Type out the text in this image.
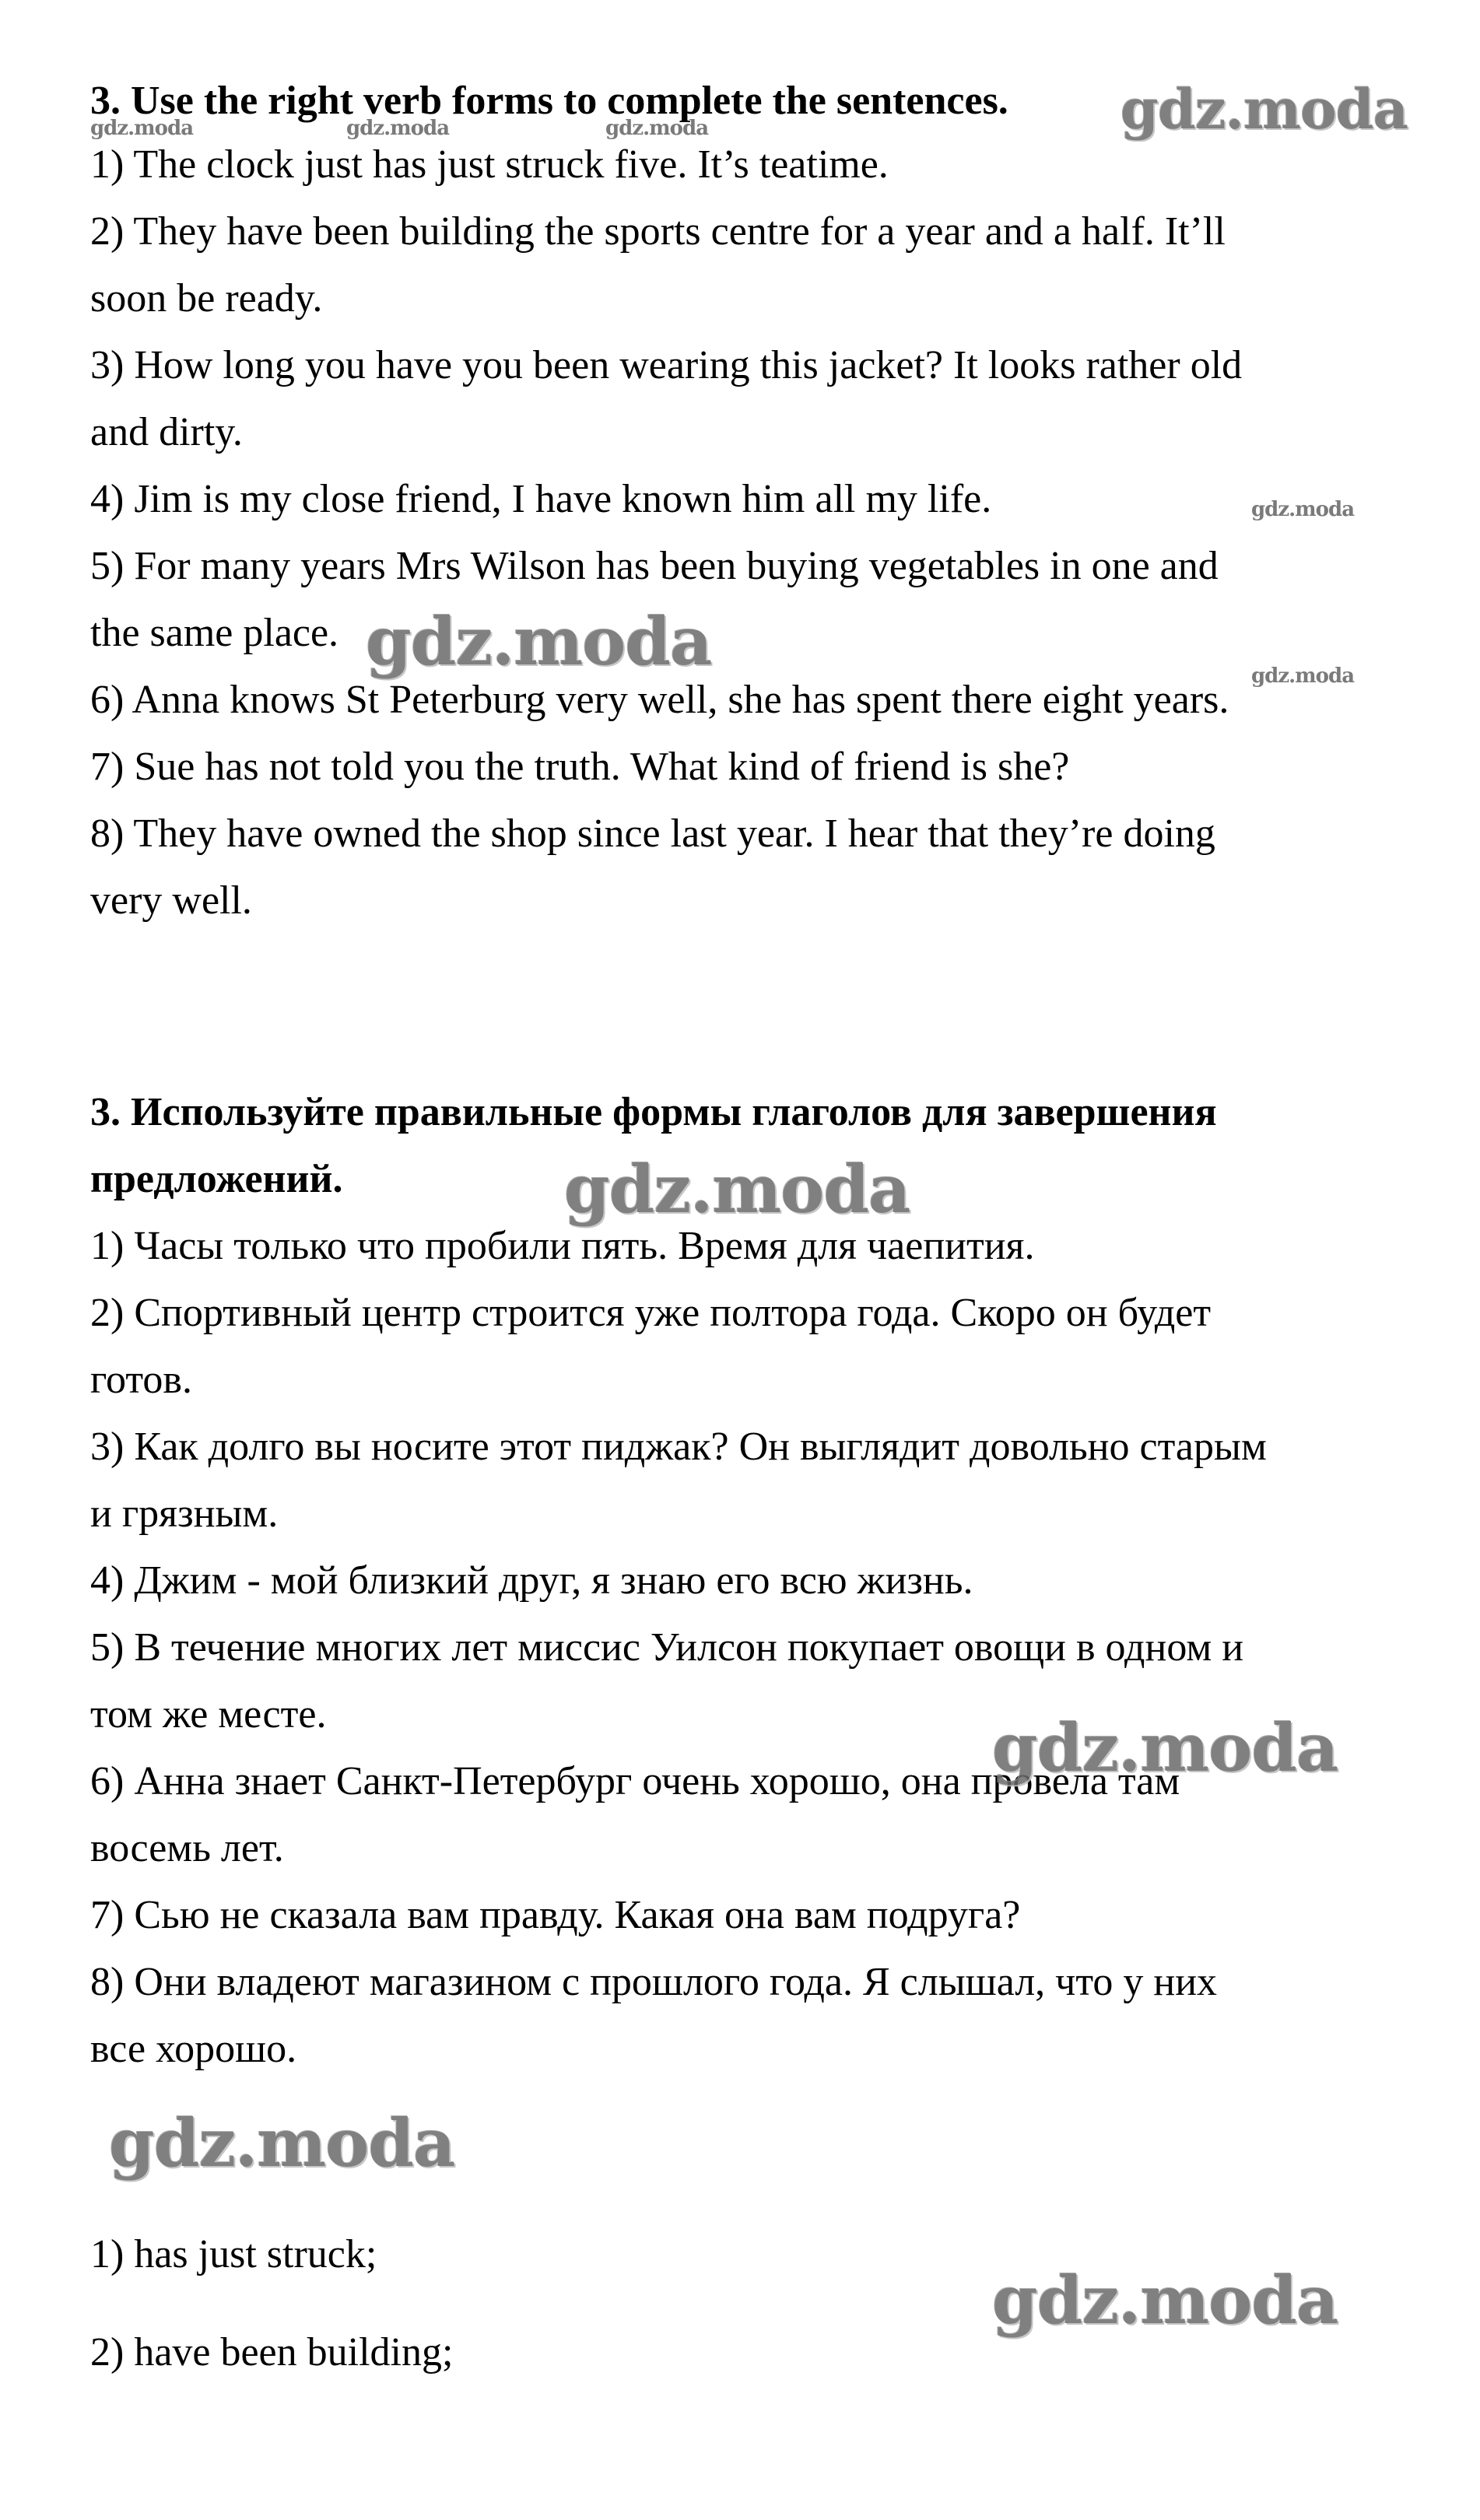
3. Use the right verb forms to complete the sentences.
1) The clock just has just struck five. It’s teatime.
2) They have been building the sports centre for a year and a half. It’ll
soon be ready.
3) How long you have you been wearing this jacket? It looks rather old
and dirty.
4) Jim is my close friend, I have known him all my life.
5) For many years Mrs Wilson has been buying vegetables in one and
the same place.
6) Anna knows St Peterburg very well, she has spent there eight years.
7) Sue has not told you the truth. What kind of friend is she?
8) They have owned the shop since last year. I hear that they’re doing
very well.
3. Используйте правильные формы глаголов для завершения
предложений.
1) Часы только что пробили пять. Время для чаепития.
2) Спортивный центр строится уже полтора года. Скоро он будет
готов.
3) Как долго вы носите этот пиджак? Он выглядит довольно старым
и грязным.
4) Джим - мой близкий друг, я знаю его всю жизнь.
5) В течение многих лет миссис Уилсон покупает овощи в одном и
том же месте.
6) Анна знает Санкт-Петербург очень хорошо, она провела там
восемь лет.
7) Сью не сказала вам правду. Какая она вам подруга?
8) Они владеют магазином с прошлого года. Я слышал, что у них
все хорошо.
1) has just struck;
2) have been building;
gdz.moda
gdz.moda	gdz.moda	gdz.moda
gdz.moda
gdz.moda
gdz.moda
gdz.moda
gdz.moda
gdz.moda
gdz.moda
